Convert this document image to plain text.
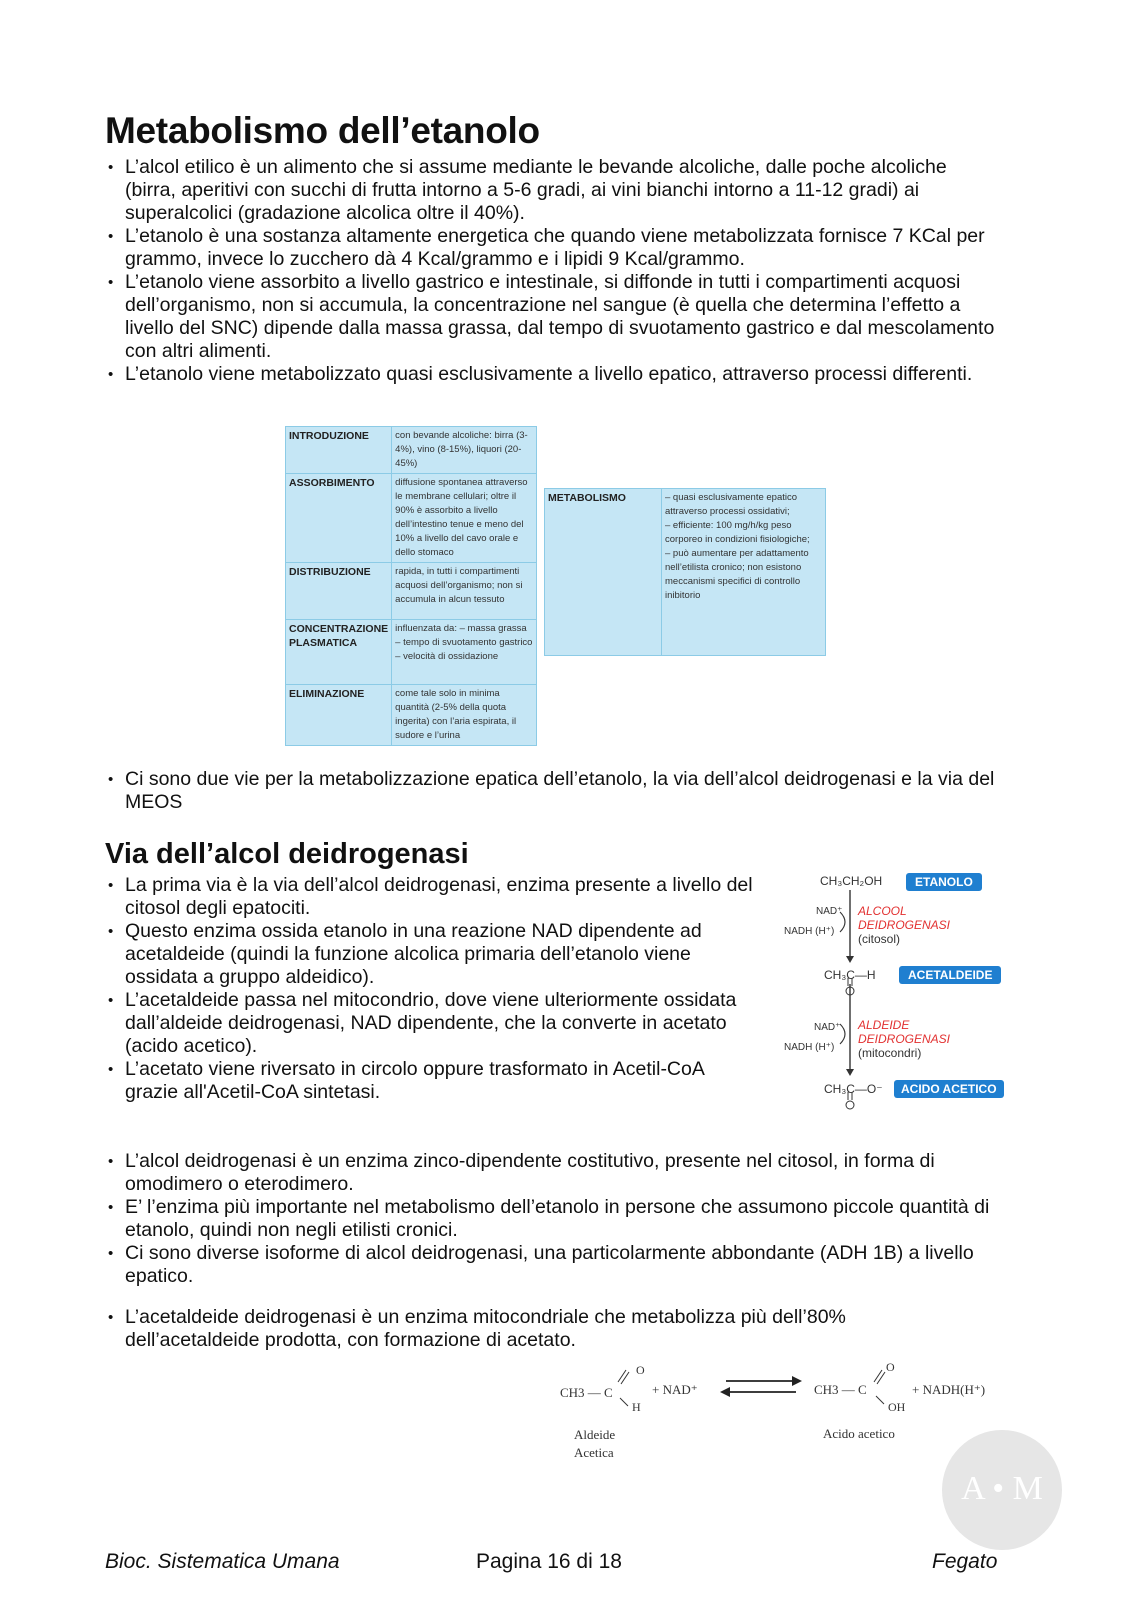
Metabolismo dell’etanolo
• L’alcol etilico è un alimento che si assume mediante le bevande alcoliche, dalle poche alcoliche (birra, aperitivi con succhi di frutta intorno a 5-6 gradi, ai vini bianchi intorno a 11-12 gradi) ai superalcolici (gradazione alcolica oltre il 40%).
• L’etanolo è una sostanza altamente energetica che quando viene metabolizzata fornisce 7 KCal per grammo, invece lo zucchero dà 4 Kcal/grammo e i lipidi 9 Kcal/grammo.
• L’etanolo viene assorbito a livello gastrico e intestinale, si diffonde in tutti i compartimenti acquosi dell’organismo, non si accumula, la concentrazione nel sangue (è quella che determina l’effetto a livello del SNC) dipende dalla massa grassa, dal tempo di svuotamento gastrico e dal mescolamento con altri alimenti.
• L’etanolo viene metabolizzato quasi esclusivamente a livello epatico, attraverso processi differenti.
INTRODUZIONE	con bevande alcoliche: birra (3-4%), vino (8-15%), liquori (20-45%)
ASSORBIMENTO	diffusione spontanea attraverso le membrane cellulari; oltre il 90% è assorbito a livello dell’intestino tenue e meno del 10% a livello del cavo orale e dello stomaco
DISTRIBUZIONE	rapida, in tutti i compartimenti acquosi dell’organismo; non si accumula in alcun tessuto
CONCENTRAZIONE PLASMATICA	influenzata da: – massa grassa – tempo di svuotamento gastrico – velocità di ossidazione
ELIMINAZIONE	come tale solo in minima quantità (2-5% della quota ingerita) con l’aria espirata, il sudore e l’urina
METABOLISMO	– quasi esclusivamente epatico attraverso processi ossidativi;
– efficiente: 100 mg/h/kg peso corporeo in condizioni fisiologiche;
– può aumentare per adattamento nell’etilista cronico; non esistono meccanismi specifici di controllo inibitorio
• Ci sono due vie per la metabolizzazione epatica dell’etanolo, la via dell’alcol deidrogenasi e la via del MEOS
Via dell’alcol deidrogenasi
• La prima via è la via dell’alcol deidrogenasi, enzima presente a livello del citosol degli epatociti.
• Questo enzima ossida etanolo in una reazione NAD dipendente ad acetaldeide (quindi la funzione alcolica primaria dell’etanolo viene ossidata a gruppo aldeidico).
• L’acetaldeide passa nel mitocondrio, dove viene ulteriormente ossidata dall’aldeide deidrogenasi, NAD dipendente, che la converte in acetato (acido acetico).
• L’acetato viene riversato in circolo oppure trasformato in Acetil-CoA grazie all'Acetil-CoA sintetasi.
CH₃CH₂OH	ETANOLO
NAD⁺
NADH (H⁺)
ALCOOL DEIDROGENASI
(citosol)
CH₃C—H	ACETALDEIDE
NAD⁺
NADH (H⁺)
ALDEIDE DEIDROGENASI
(mitocondri)
CH₃C—O⁻	ACIDO ACETICO
• L’alcol deidrogenasi è un enzima zinco-dipendente costitutivo, presente nel citosol, in forma di omodimero o eterodimero.
• E’ l’enzima più importante nel metabolismo dell’etanolo in persone che assumono piccole quantità di etanolo, quindi non negli etilisti cronici.
• Ci sono diverse isoforme di alcol deidrogenasi, una particolarmente abbondante (ADH 1B) a livello epatico.
• L’acetaldeide deidrogenasi è un enzima mitocondriale che metabolizza più dell’80% dell’acetaldeide prodotta, con formazione di acetato.
CH3 — C
O
H
+ NAD⁺
Aldeide
Acetica
CH3 — C
O
OH
+ NADH(H⁺)
Acido acetico
Bioc. Sistematica Umana	Pagina 16 di 18	Fegato
A • M
